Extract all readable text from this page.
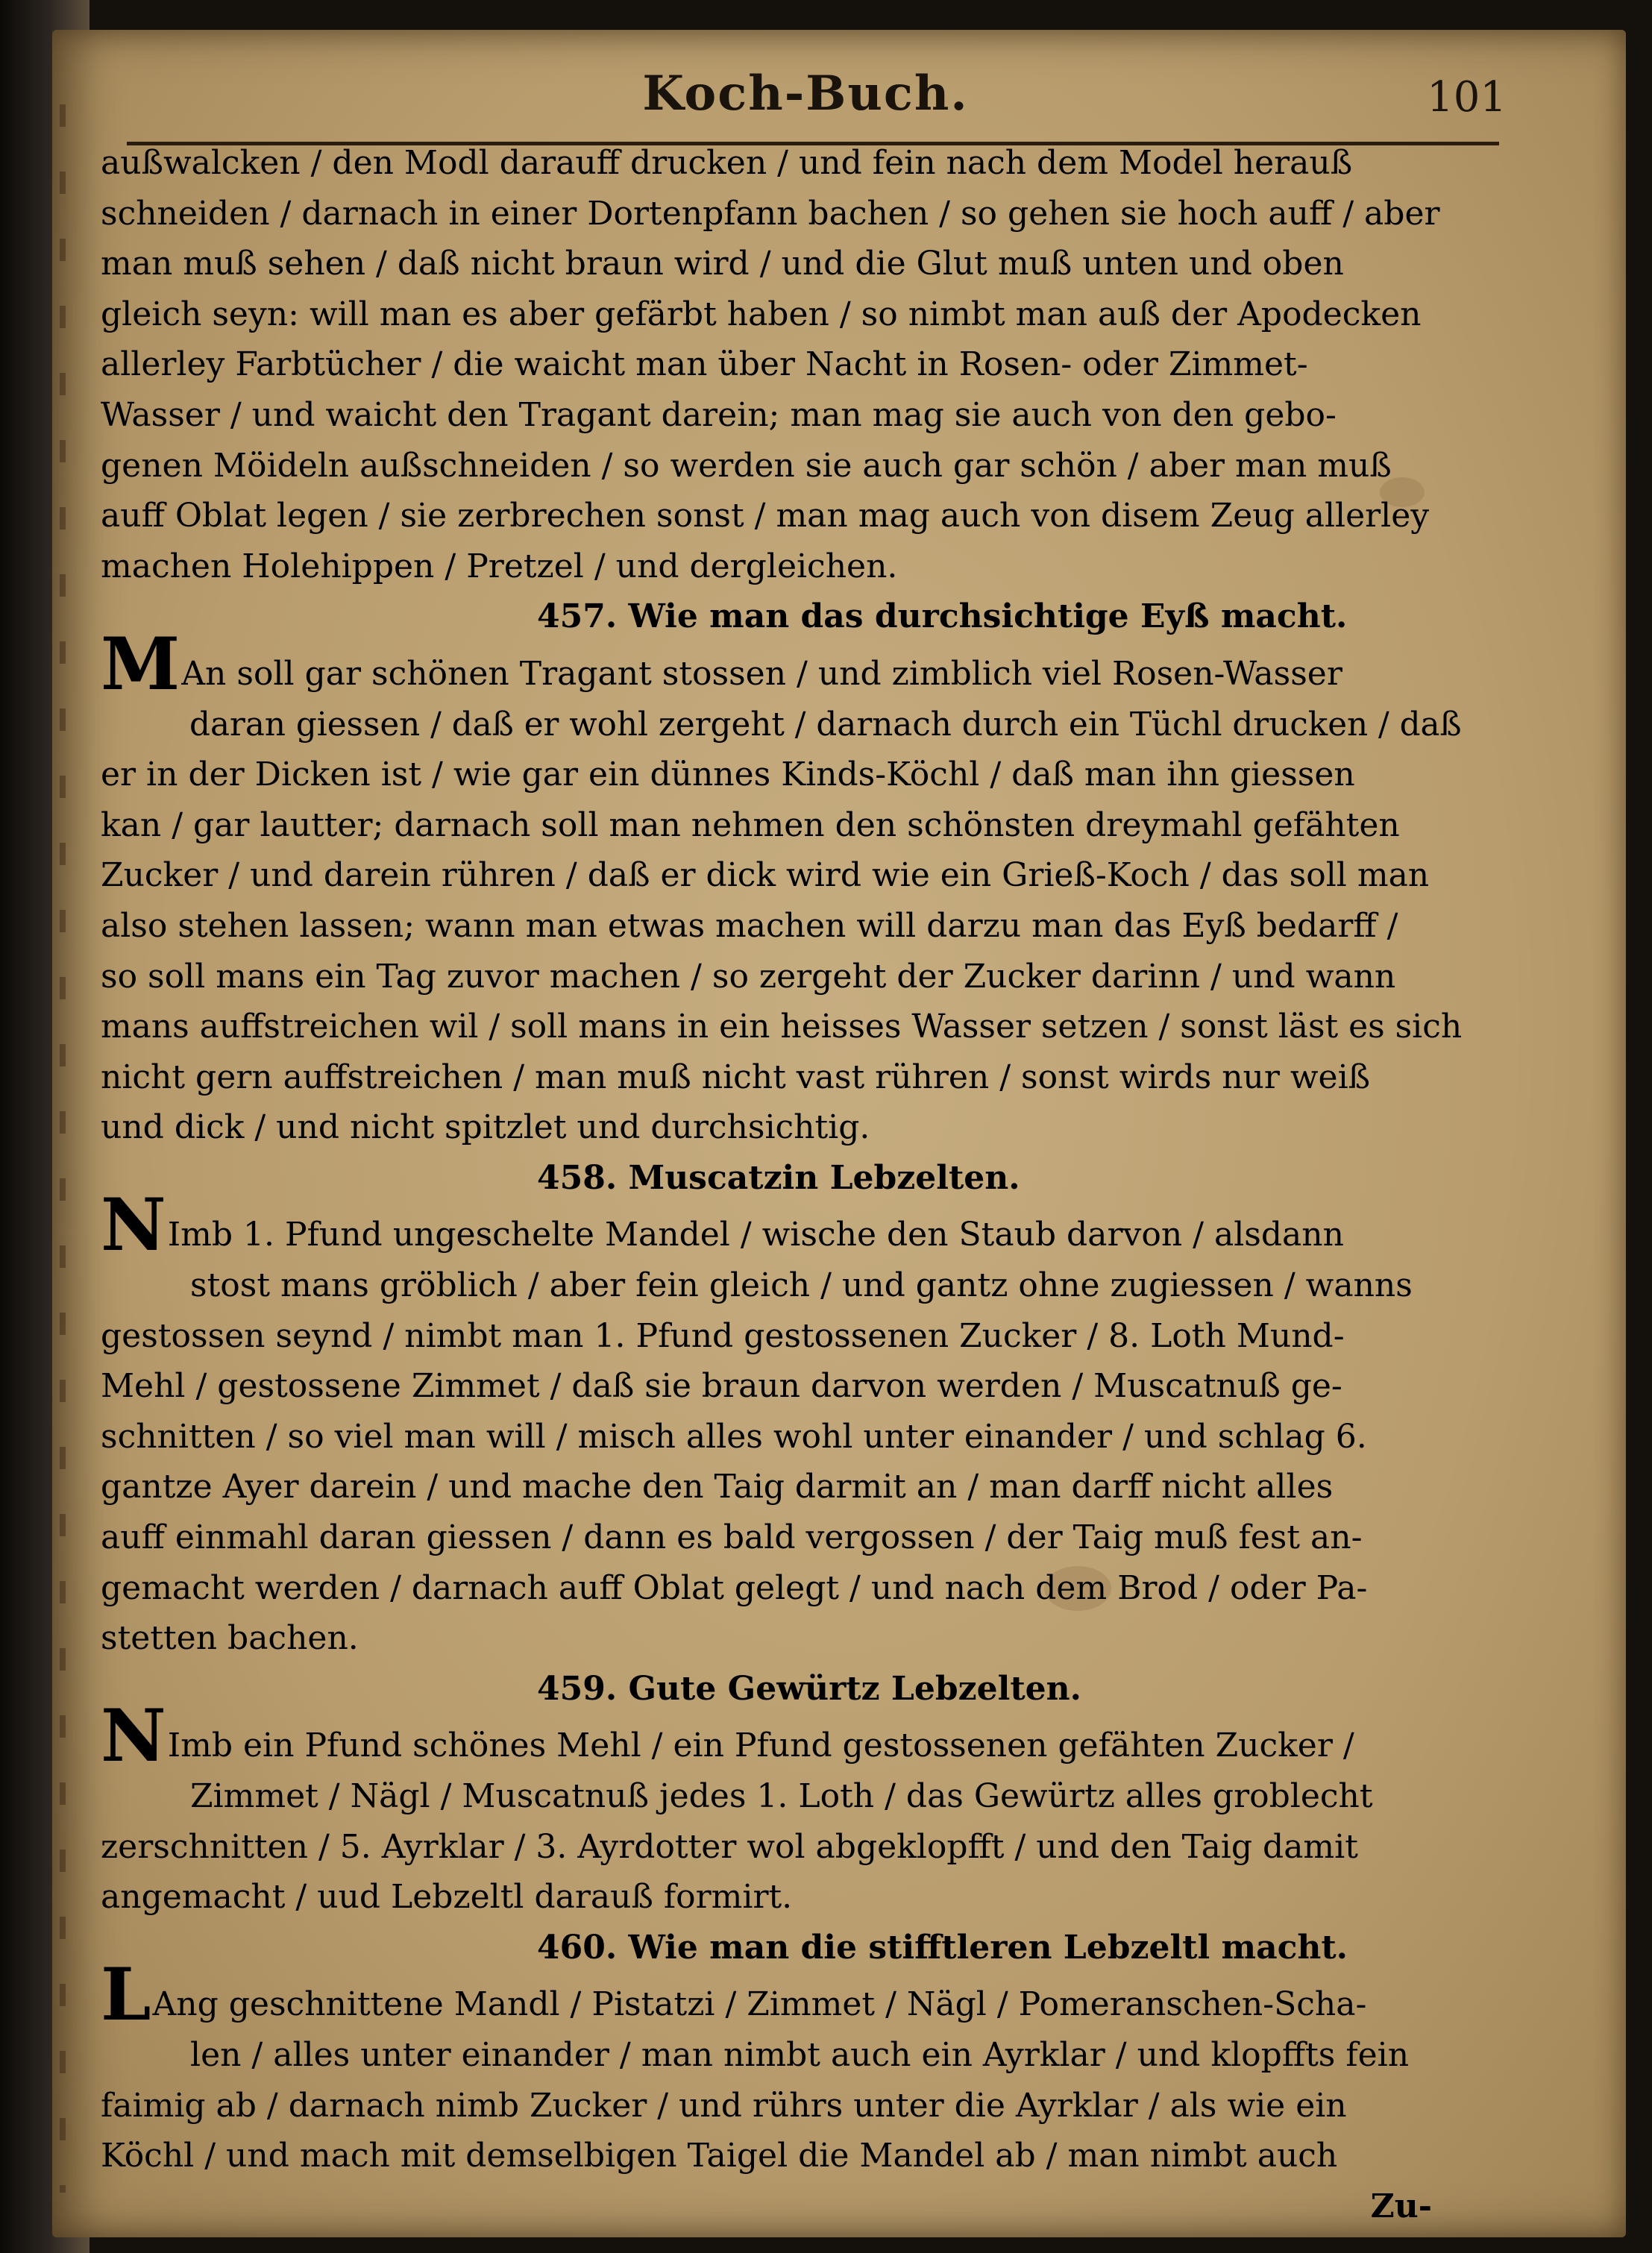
Koch-Buch.	101
außwalcken / den Modl darauff drucken / und fein nach dem Model herauß
schneiden / darnach in einer Dortenpfann bachen / so gehen sie hoch auff / aber
man muß sehen / daß nicht braun wird / und die Glut muß unten und oben
gleich seyn: will man es aber gefärbt haben / so nimbt man auß der Apodecken
allerley Farbtücher / die waicht man über Nacht in Rosen- oder Zimmet-
Wasser / und waicht den Tragant darein; man mag sie auch von den gebo-
genen Möideln außschneiden / so werden sie auch gar schön / aber man muß
auff Oblat legen / sie zerbrechen sonst / man mag auch von disem Zeug allerley
machen Holehippen / Pretzel / und dergleichen.
457. Wie man das durchsichtige Eyß macht.
MAn soll gar schönen Tragant stossen / und zimblich viel Rosen-Wasser
daran giessen / daß er wohl zergeht / darnach durch ein Tüchl drucken / daß
er in der Dicken ist / wie gar ein dünnes Kinds-Köchl / daß man ihn giessen
kan / gar lautter; darnach soll man nehmen den schönsten dreymahl gefähten
Zucker / und darein rühren / daß er dick wird wie ein Grieß-Koch / das soll man
also stehen lassen; wann man etwas machen will darzu man das Eyß bedarff /
so soll mans ein Tag zuvor machen / so zergeht der Zucker darinn / und wann
mans auffstreichen wil / soll mans in ein heisses Wasser setzen / sonst läst es sich
nicht gern auffstreichen / man muß nicht vast rühren / sonst wirds nur weiß
und dick / und nicht spitzlet und durchsichtig.
458. Muscatzin Lebzelten.
NImb 1. Pfund ungeschelte Mandel / wische den Staub darvon / alsdann
stost mans gröblich / aber fein gleich / und gantz ohne zugiessen / wanns
gestossen seynd / nimbt man 1. Pfund gestossenen Zucker / 8. Loth Mund-
Mehl / gestossene Zimmet / daß sie braun darvon werden / Muscatnuß ge-
schnitten / so viel man will / misch alles wohl unter einander / und schlag 6.
gantze Ayer darein / und mache den Taig darmit an / man darff nicht alles
auff einmahl daran giessen / dann es bald vergossen / der Taig muß fest an-
gemacht werden / darnach auff Oblat gelegt / und nach dem Brod / oder Pa-
stetten bachen.
459. Gute Gewürtz Lebzelten.
NImb ein Pfund schönes Mehl / ein Pfund gestossenen gefähten Zucker /
Zimmet / Nägl / Muscatnuß jedes 1. Loth / das Gewürtz alles groblecht
zerschnitten / 5. Ayrklar / 3. Ayrdotter wol abgeklopfft / und den Taig damit
angemacht / uud Lebzeltl darauß formirt.
460. Wie man die stifftleren Lebzeltl macht.
LAng geschnittene Mandl / Pistatzi / Zimmet / Nägl / Pomeranschen-Scha-
len / alles unter einander / man nimbt auch ein Ayrklar / und klopffts fein
faimig ab / darnach nimb Zucker / und rührs unter die Ayrklar / als wie ein
Köchl / und mach mit demselbigen Taigel die Mandel ab / man nimbt auch
Zu-
